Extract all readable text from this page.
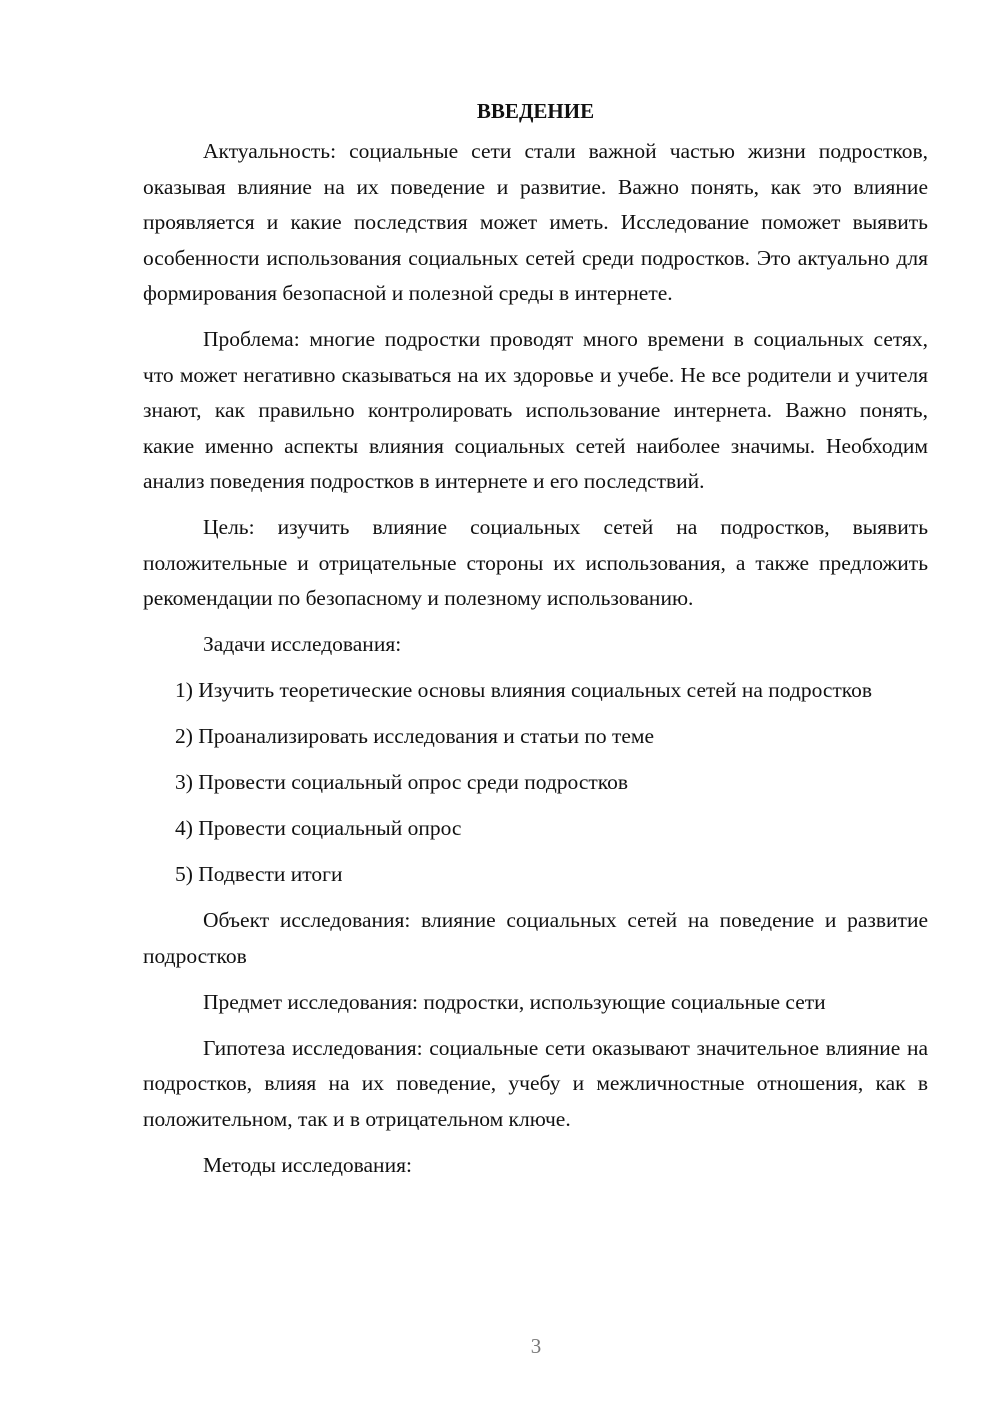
ВВЕДЕНИЕ

Актуальность: социальные сети стали важной частью жизни подростков, оказывая влияние на их поведение и развитие. Важно понять, как это влияние проявляется и какие последствия может иметь. Исследование поможет выявить особенности использования социальных сетей среди подростков. Это актуально для формирования безопасной и полезной среды в интернете.

Проблема: многие подростки проводят много времени в социальных сетях, что может негативно сказываться на их здоровье и учебе. Не все родители и учителя знают, как правильно контролировать использование интернета. Важно понять, какие именно аспекты влияния социальных сетей наиболее значимы. Необходим анализ поведения подростков в интернете и его последствий.

Цель: изучить влияние социальных сетей на подростков, выявить положительные и отрицательные стороны их использования, а также предложить рекомендации по безопасному и полезному использованию.

Задачи исследования:

1) Изучить теоретические основы влияния социальных сетей на подростков

2) Проанализировать исследования и статьи по теме

3) Провести социальный опрос среди подростков

4) Провести социальный опрос

5) Подвести итоги

Объект исследования: влияние социальных сетей на поведение и развитие подростков

Предмет исследования: подростки, использующие социальные сети

Гипотеза исследования: социальные сети оказывают значительное влияние на подростков, влияя на их поведение, учебу и межличностные отношения, как в положительном, так и в отрицательном ключе.

Методы исследования:

3
